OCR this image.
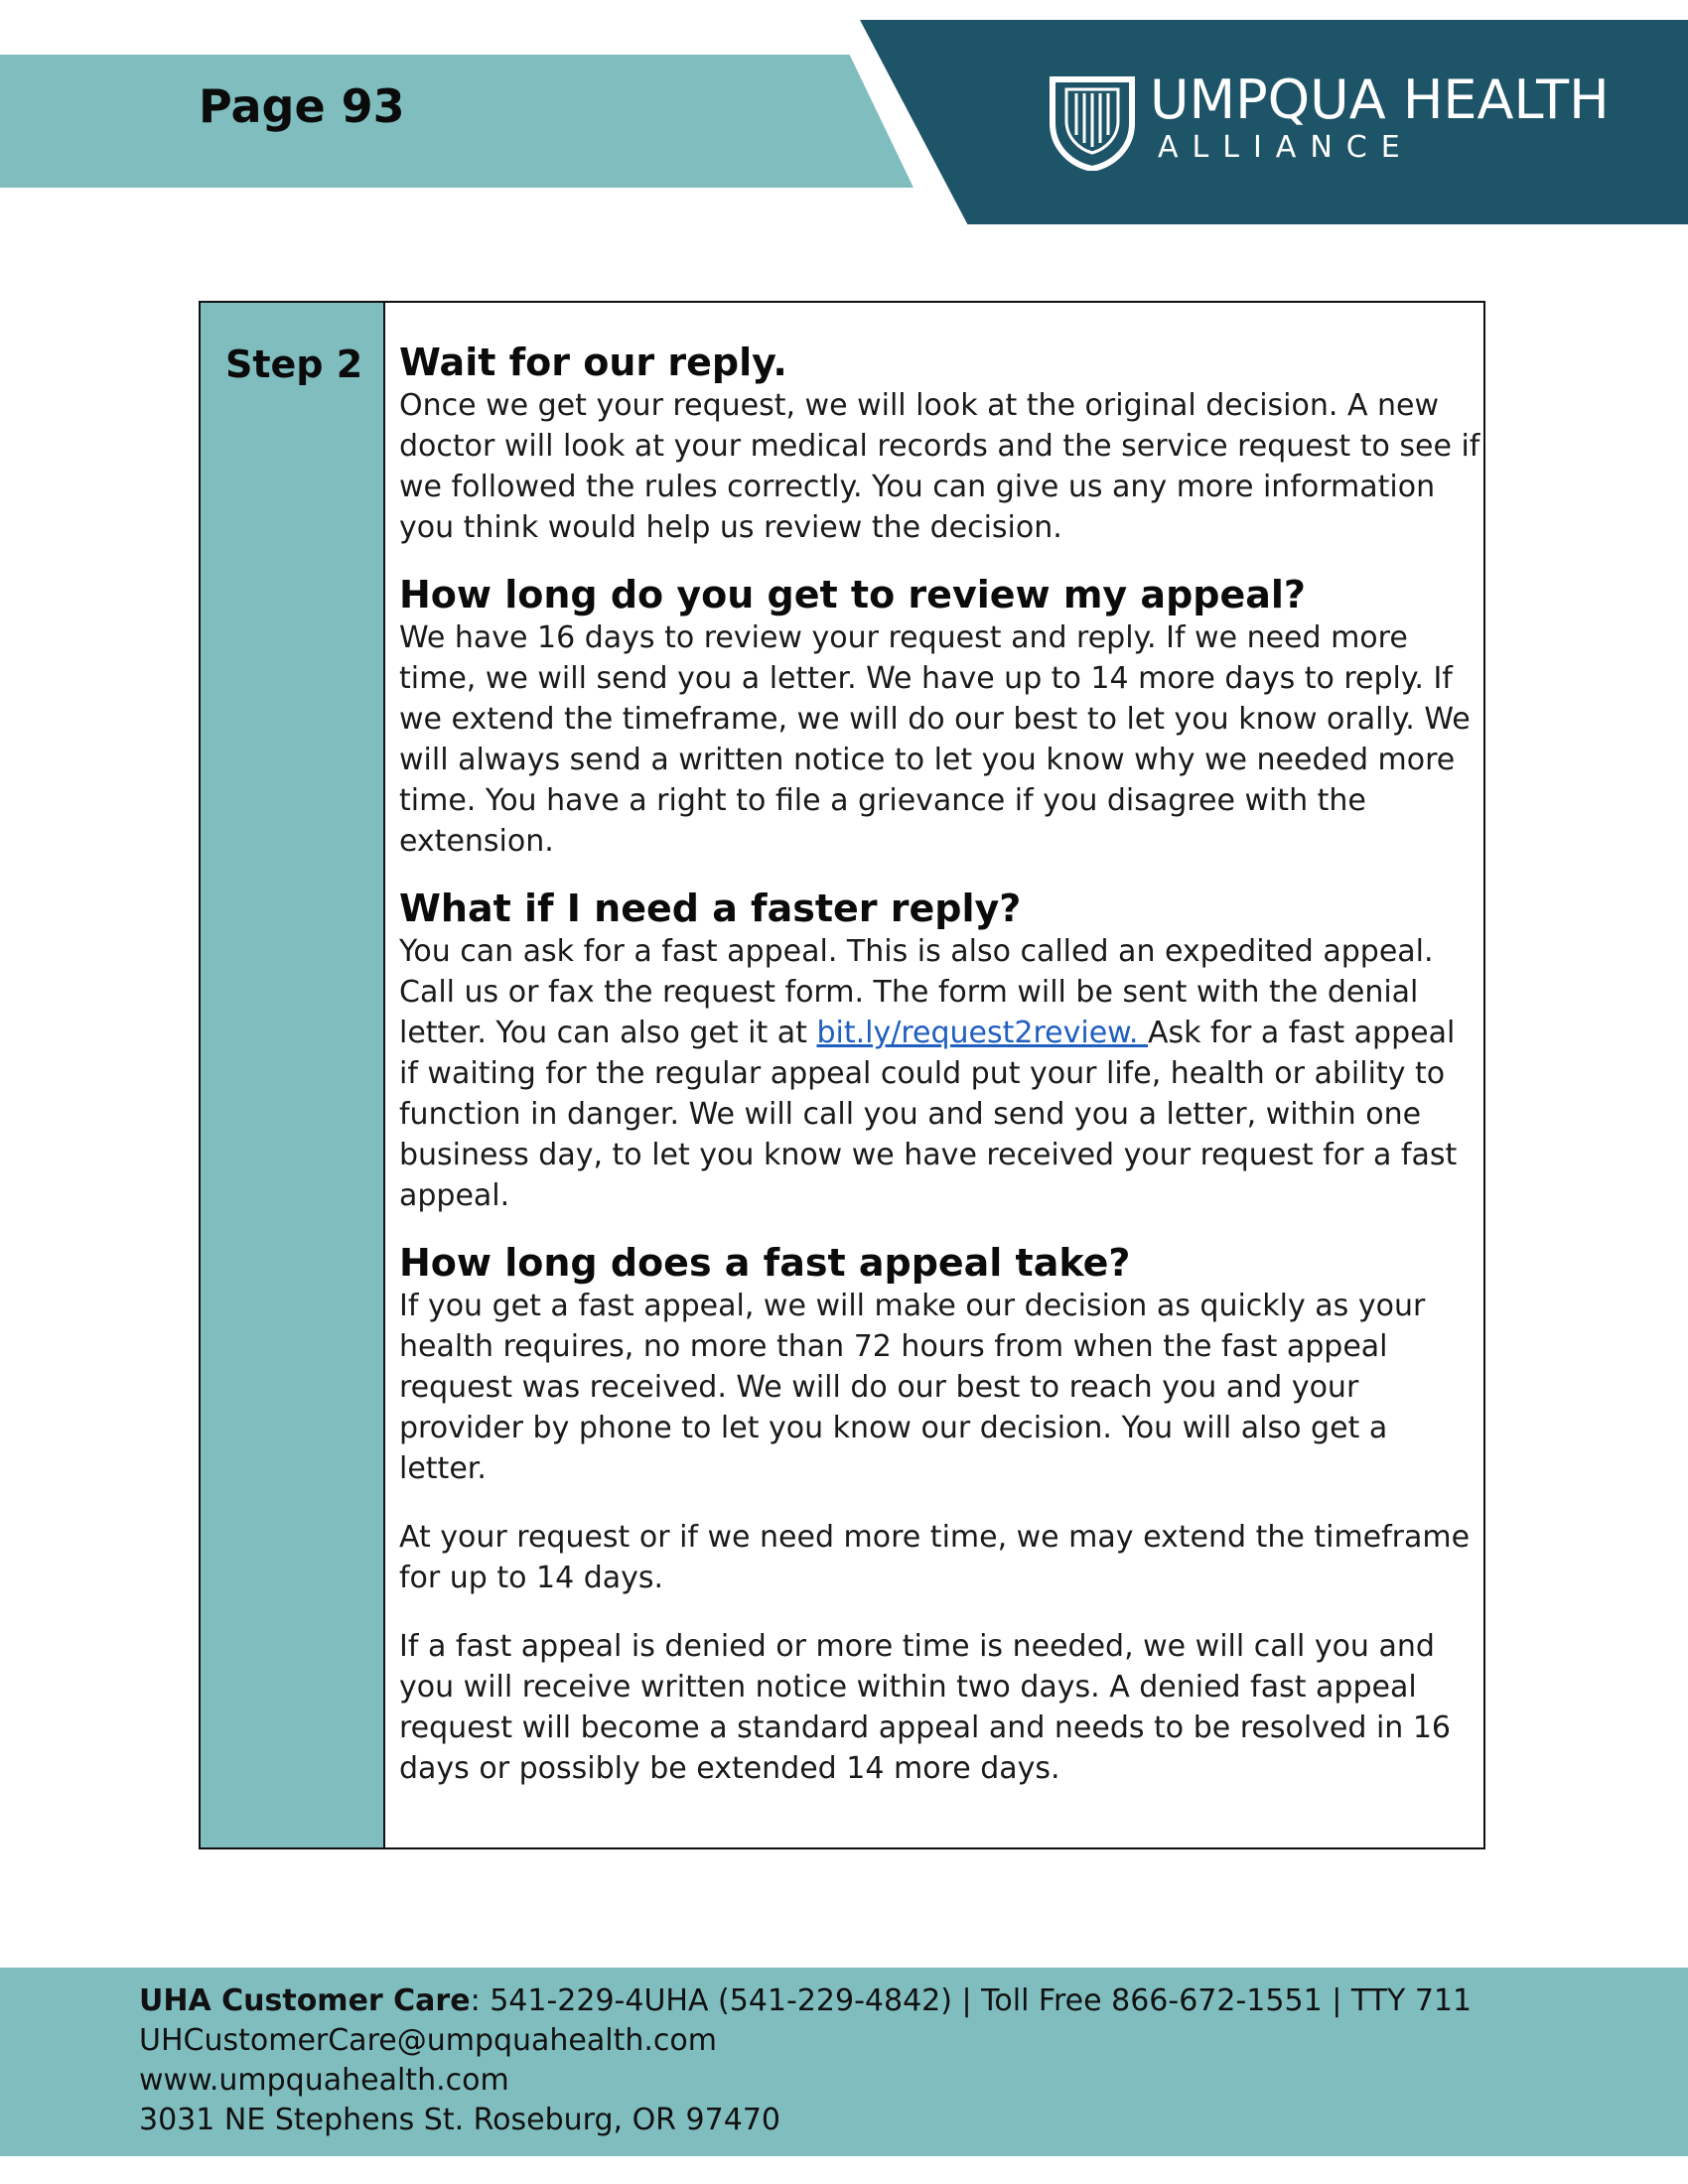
Page 93	UMPQUA HEALTH
ALLIANCE
Step 2 Wait for our reply.

Once we get your request, we will look at the original decision. A new doctor will look at your medical records and the service request to see if we followed the rules correctly. You can give us any more information you think would help us review the decision.

How long do you get to review my appeal?

We have 16 days to review your request and reply. If we need more time, we will send you a letter. We have up to 14 more days to reply. If we extend the timeframe, we will do our best to let you know orally. We will always send a written notice to let you know why we needed more time. You have a right to file a grievance if you disagree with the extension.

What if I need a faster reply?

You can ask for a fast appeal. This is also called an expedited appeal. Call us or fax the request form. The form will be sent with the denial letter. You can also get it at bit.ly/request2review. Ask for a fast appeal if waiting for the regular appeal could put your life, health or ability to function in danger. We will call you and send you a letter, within one business day, to let you know we have received your request for a fast appeal.

How long does a fast appeal take?

If you get a fast appeal, we will make our decision as quickly as your health requires, no more than 72 hours from when the fast appeal request was received. We will do our best to reach you and your provider by phone to let you know our decision. You will also get a letter.

At your request or if we need more time, we may extend the timeframe for up to 14 days.

If a fast appeal is denied or more time is needed, we will call you and you will receive written notice within two days. A denied fast appeal request will become a standard appeal and needs to be resolved in 16 days or possibly be extended 14 more days.

UHA Customer Care: 541-229-4UHA (541-229-4842) | Toll Free 866-672-1551 | TTY 711
UHCustomerCare@umpquahealth.com
www.umpquahealth.com
3031 NE Stephens St. Roseburg, OR 97470
